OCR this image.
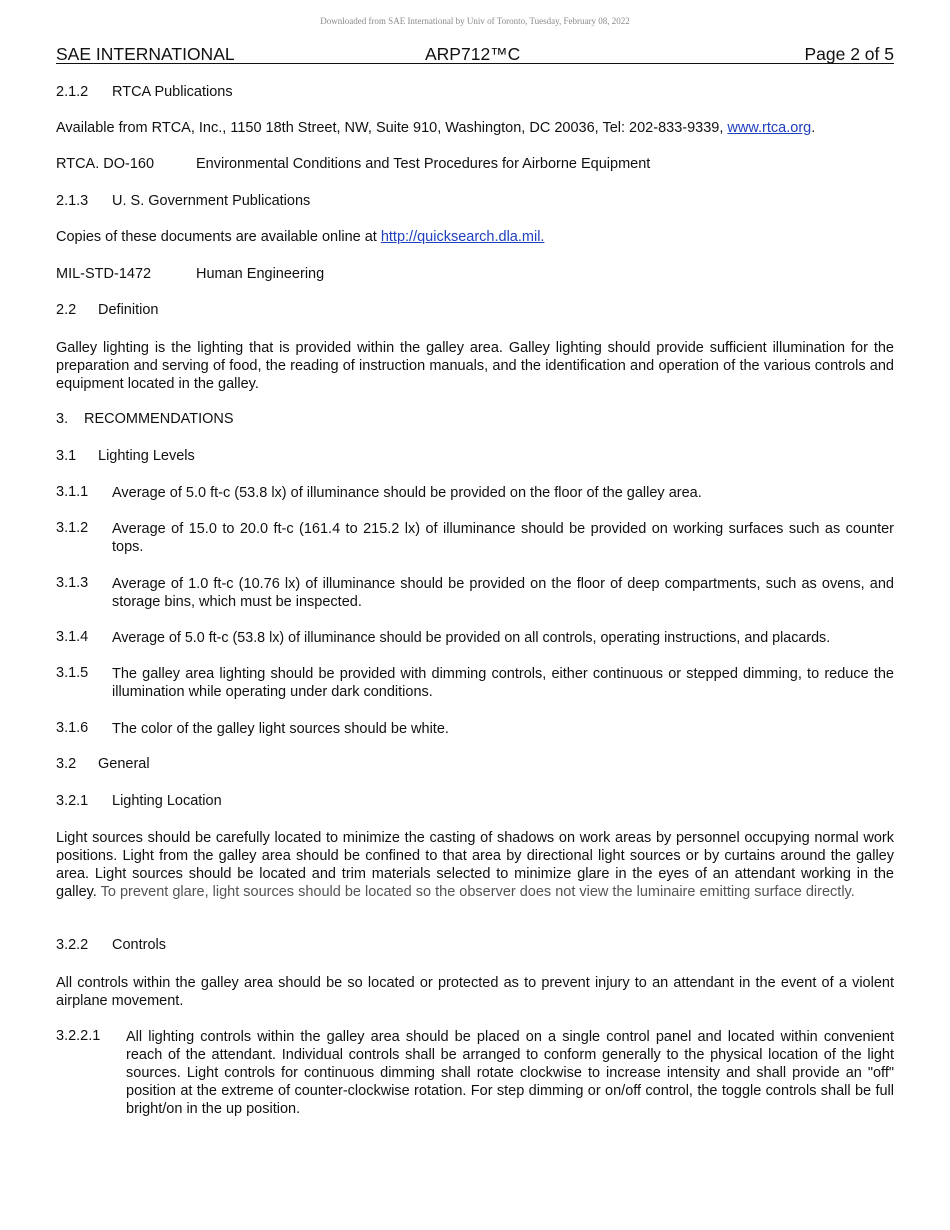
Downloaded from SAE International by Univ of Toronto, Tuesday, February 08, 2022
SAE INTERNATIONAL	ARP712™C	Page 2 of 5
2.1.2 RTCA Publications
Available from RTCA, Inc., 1150 18th Street, NW, Suite 910, Washington, DC 20036, Tel: 202-833-9339, www.rtca.org.
RTCA. DO-160	Environmental Conditions and Test Procedures for Airborne Equipment
2.1.3 U. S. Government Publications
Copies of these documents are available online at http://quicksearch.dla.mil.
MIL-STD-1472	Human Engineering
2.2 Definition
Galley lighting is the lighting that is provided within the galley area. Galley lighting should provide sufficient illumination for the preparation and serving of food, the reading of instruction manuals, and the identification and operation of the various controls and equipment located in the galley.
3. RECOMMENDATIONS
3.1 Lighting Levels
3.1.1 Average of 5.0 ft-c (53.8 lx) of illuminance should be provided on the floor of the galley area.
3.1.2 Average of 15.0 to 20.0 ft-c (161.4 to 215.2 lx) of illuminance should be provided on working surfaces such as counter tops.
3.1.3 Average of 1.0 ft-c (10.76 lx) of illuminance should be provided on the floor of deep compartments, such as ovens, and storage bins, which must be inspected.
3.1.4 Average of 5.0 ft-c (53.8 lx) of illuminance should be provided on all controls, operating instructions, and placards.
3.1.5 The galley area lighting should be provided with dimming controls, either continuous or stepped dimming, to reduce the illumination while operating under dark conditions.
3.1.6 The color of the galley light sources should be white.
3.2 General
3.2.1 Lighting Location
Light sources should be carefully located to minimize the casting of shadows on work areas by personnel occupying normal work positions. Light from the galley area should be confined to that area by directional light sources or by curtains around the galley area. Light sources should be located and trim materials selected to minimize glare in the eyes of an attendant working in the galley. To prevent glare, light sources should be located so the observer does not view the luminaire emitting surface directly.
3.2.2 Controls
All controls within the galley area should be so located or protected as to prevent injury to an attendant in the event of a violent airplane movement.
3.2.2.1 All lighting controls within the galley area should be placed on a single control panel and located within convenient reach of the attendant. Individual controls shall be arranged to conform generally to the physical location of the light sources. Light controls for continuous dimming shall rotate clockwise to increase intensity and shall provide an "off" position at the extreme of counter-clockwise rotation. For step dimming or on/off control, the toggle controls shall be full bright/on in the up position.
